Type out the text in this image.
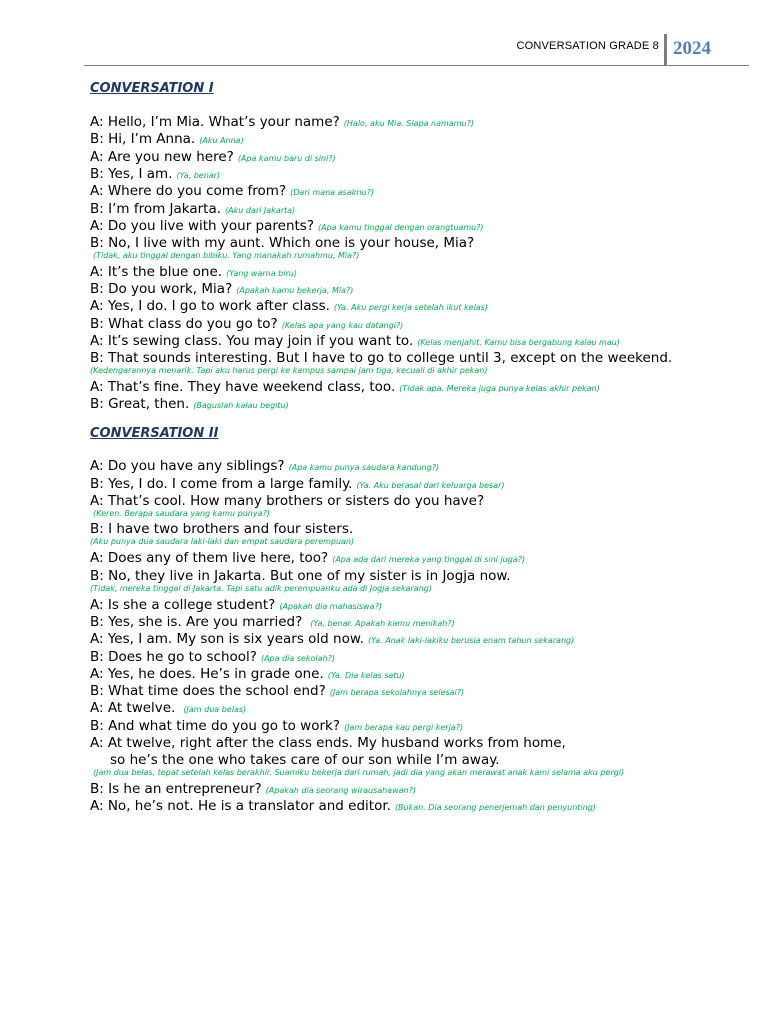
CONVERSATION GRADE 8 2024
CONVERSATION I
A: Hello, I’m Mia. What’s your name? (Halo, aku Mia. Siapa namamu?)
B: Hi, I’m Anna. (Aku Anna)
A: Are you new here? (Apa kamu baru di sini?)
B: Yes, I am. (Ya, benar)
A: Where do you come from? (Dari mana asalmu?)
B: I’m from Jakarta. (Aku dari Jakarta)
A: Do you live with your parents? (Apa kamu tinggal dengan orangtuamu?)
B: No, I live with my aunt. Which one is your house, Mia?
(Tidak, aku tinggal dengan bibiku. Yang manakah rumahmu, Mia?)
A: It’s the blue one. (Yang warna biru)
B: Do you work, Mia? (Apakah kamu bekerja, Mia?)
A: Yes, I do. I go to work after class. (Ya. Aku pergi kerja setelah ikut kelas)
B: What class do you go to? (Kelas apa yang kau datangi?)
A: It’s sewing class. You may join if you want to. (Kelas menjahit. Kamu bisa bergabung kalau mau)
B: That sounds interesting. But I have to go to college until 3, except on the weekend.
(Kedengarannya menarik. Tapi aku harus pergi ke kampus sampai jam tiga, kecuali di akhir pekan)
A: That’s fine. They have weekend class, too. (Tidak apa. Mereka juga punya kelas akhir pekan)
B: Great, then. (Baguslah kalau begitu)
CONVERSATION II
A: Do you have any siblings? (Apa kamu punya saudara kandung?)
B: Yes, I do. I come from a large family. (Ya. Aku berasal dari keluarga besar)
A: That’s cool. How many brothers or sisters do you have?
(Keren. Berapa saudara yang kamu punya?)
B: I have two brothers and four sisters.
(Aku punya dua saudara laki-laki dan empat saudara perempuan)
A: Does any of them live here, too? (Apa ada dari mereka yang tinggal di sini juga?)
B: No, they live in Jakarta. But one of my sister is in Jogja now.
(Tidak, mereka tinggal di Jakarta. Tapi satu adik perempuanku ada di Jogja sekarang)
A: Is she a college student? (Apakah dia mahasiswa?)
B: Yes, she is. Are you married? (Ya, benar. Apakah kamu menikah?)
A: Yes, I am. My son is six years old now. (Ya. Anak laki-lakiku berusia enam tahun sekarang)
B: Does he go to school? (Apa dia sekolah?)
A: Yes, he does. He’s in grade one. (Ya. Dia kelas satu)
B: What time does the school end? (Jam berapa sekolahnya selesai?)
A: At twelve. (Jam dua belas)
B: And what time do you go to work? (Jam berapa kau pergi kerja?)
A: At twelve, right after the class ends. My husband works from home,
so he’s the one who takes care of our son while I’m away.
(Jam dua belas, tepat setelah kelas berakhir. Suamiku bekerja dari rumah, jadi dia yang akan merawat anak kami selama aku pergi)
B: Is he an entrepreneur? (Apakah dia seorang wirausahawan?)
A: No, he’s not. He is a translator and editor. (Bukan. Dia seorang penerjemah dan penyunting)
